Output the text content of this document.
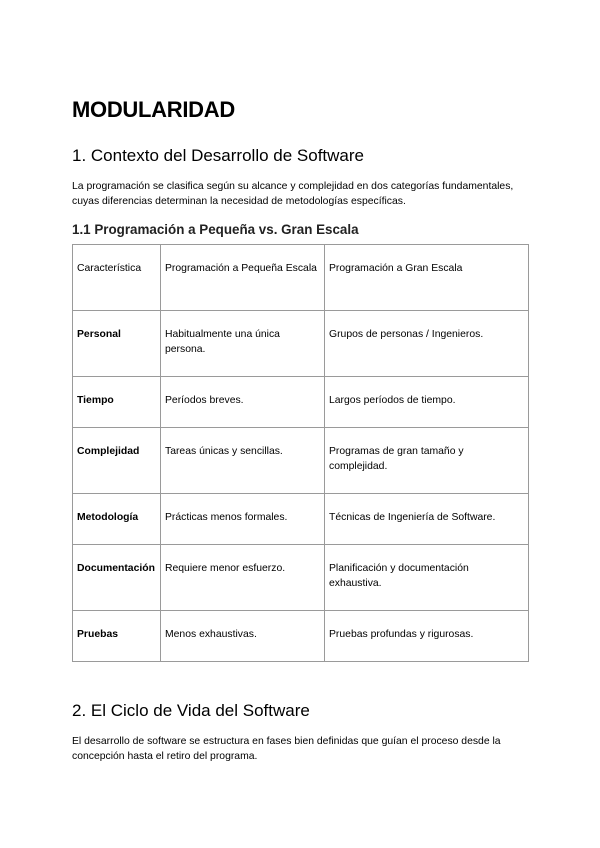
MODULARIDAD
1. Contexto del Desarrollo de Software

La programación se clasifica según su alcance y complejidad en dos categorías fundamentales, cuyas diferencias determinan la necesidad de metodologías específicas.

1.1 Programación a Pequeña vs. Gran Escala
Característica	Programación a Pequeña Escala	Programación a Gran Escala
Personal	Habitualmente una única persona.	Grupos de personas / Ingenieros.
Tiempo	Períodos breves.	Largos períodos de tiempo.
Complejidad	Tareas únicas y sencillas.	Programas de gran tamaño y complejidad.
Metodología	Prácticas menos formales.	Técnicas de Ingeniería de Software.
Documentación	Requiere menor esfuerzo.	Planificación y documentación exhaustiva.
Pruebas	Menos exhaustivas.	Pruebas profundas y rigurosas.
2. El Ciclo de Vida del Software

El desarrollo de software se estructura en fases bien definidas que guían el proceso desde la concepción hasta el retiro del programa.
